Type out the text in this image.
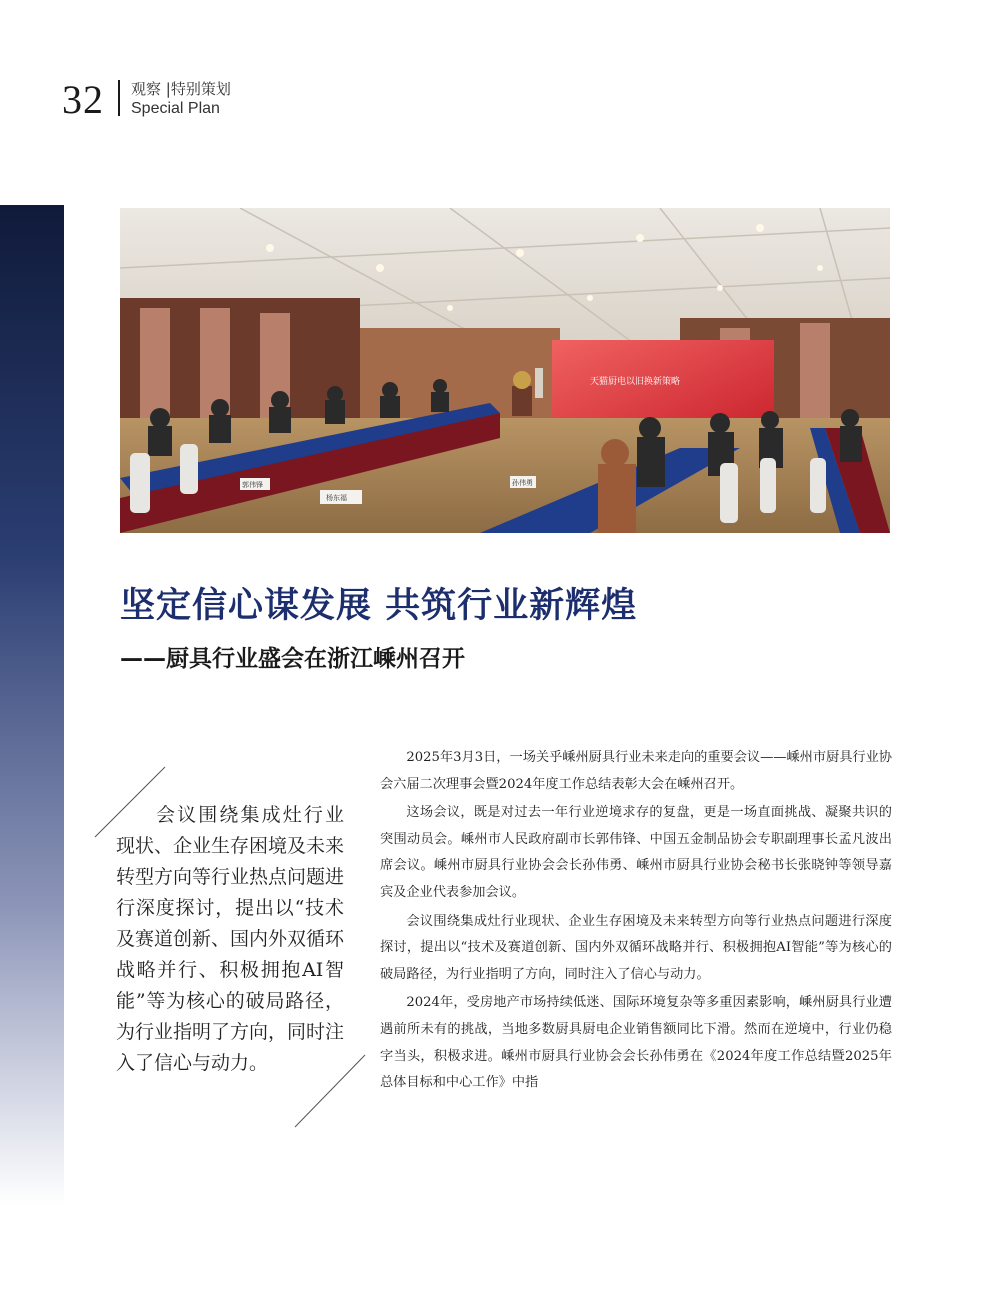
32 观察 |特别策划
Special Plan
天猫厨电以旧换新策略
杨东福
郭伟锋	孙伟勇
坚定信心谋发展 共筑行业新辉煌
——厨具行业盛会在浙江嵊州召开
会议围绕集成灶行业现状、企业生存困境及未来转型方向等行业热点问题进行深度探讨，提出以“技术及赛道创新、国内外双循环战略并行、积极拥抱AI智能”等为核心的破局路径，为行业指明了方向，同时注入了信心与动力。

2025年3月3日，一场关乎嵊州厨具行业未来走向的重要会议——嵊州市厨具行业协会六届二次理事会暨2024年度工作总结表彰大会在嵊州召开。

这场会议，既是对过去一年行业逆境求存的复盘，更是一场直面挑战、凝聚共识的突围动员会。嵊州市人民政府副市长郭伟锋、中国五金制品协会专职副理事长孟凡波出席会议。嵊州市厨具行业协会会长孙伟勇、嵊州市厨具行业协会秘书长张晓钟等领导嘉宾及企业代表参加会议。

会议围绕集成灶行业现状、企业生存困境及未来转型方向等行业热点问题进行深度探讨，提出以“技术及赛道创新、国内外双循环战略并行、积极拥抱AI智能”等为核心的破局路径，为行业指明了方向，同时注入了信心与动力。

2024年，受房地产市场持续低迷、国际环境复杂等多重因素影响，嵊州厨具行业遭遇前所未有的挑战，当地多数厨具厨电企业销售额同比下滑。然而在逆境中，行业仍稳字当头，积极求进。嵊州市厨具行业协会会长孙伟勇在《2024年度工作总结暨2025年总体目标和中心工作》中指
